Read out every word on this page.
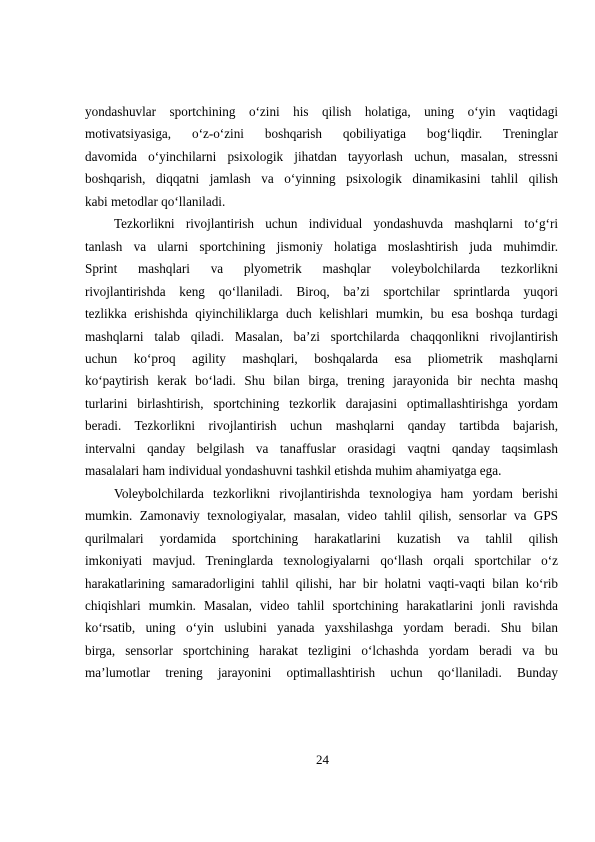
yondashuvlar sportchining o‘zini his qilish holatiga, uning o‘yin vaqtidagi
motivatsiyasiga, o‘z-o‘zini boshqarish qobiliyatiga bog‘liqdir. Treninglar
davomida o‘yinchilarni psixologik jihatdan tayyorlash uchun, masalan, stressni
boshqarish, diqqatni jamlash va o‘yinning psixologik dinamikasini tahlil qilish
kabi metodlar qo‘llaniladi.
Tezkorlikni rivojlantirish uchun individual yondashuvda mashqlarni to‘g‘ri
tanlash va ularni sportchining jismoniy holatiga moslashtirish juda muhimdir.
Sprint mashqlari va plyometrik mashqlar voleybolchilarda tezkorlikni
rivojlantirishda keng qo‘llaniladi. Biroq, ba’zi sportchilar sprintlarda yuqori
tezlikka erishishda qiyinchiliklarga duch kelishlari mumkin, bu esa boshqa turdagi
mashqlarni talab qiladi. Masalan, ba’zi sportchilarda chaqqonlikni rivojlantirish
uchun ko‘proq agility mashqlari, boshqalarda esa pliometrik mashqlarni
ko‘paytirish kerak bo‘ladi. Shu bilan birga, trening jarayonida bir nechta mashq
turlarini birlashtirish, sportchining tezkorlik darajasini optimallashtirishga yordam
beradi. Tezkorlikni rivojlantirish uchun mashqlarni qanday tartibda bajarish,
intervalni qanday belgilash va tanaffuslar orasidagi vaqtni qanday taqsimlash
masalalari ham individual yondashuvni tashkil etishda muhim ahamiyatga ega.
Voleybolchilarda tezkorlikni rivojlantirishda texnologiya ham yordam berishi
mumkin. Zamonaviy texnologiyalar, masalan, video tahlil qilish, sensorlar va GPS
qurilmalari yordamida sportchining harakatlarini kuzatish va tahlil qilish
imkoniyati mavjud. Treninglarda texnologiyalarni qo‘llash orqali sportchilar o‘z
harakatlarining samaradorligini tahlil qilishi, har bir holatni vaqti-vaqti bilan ko‘rib
chiqishlari mumkin. Masalan, video tahlil sportchining harakatlarini jonli ravishda
ko‘rsatib, uning o‘yin uslubini yanada yaxshilashga yordam beradi. Shu bilan
birga, sensorlar sportchining harakat tezligini o‘lchashda yordam beradi va bu
ma’lumotlar trening jarayonini optimallashtirish uchun qo‘llaniladi. Bunday
24
